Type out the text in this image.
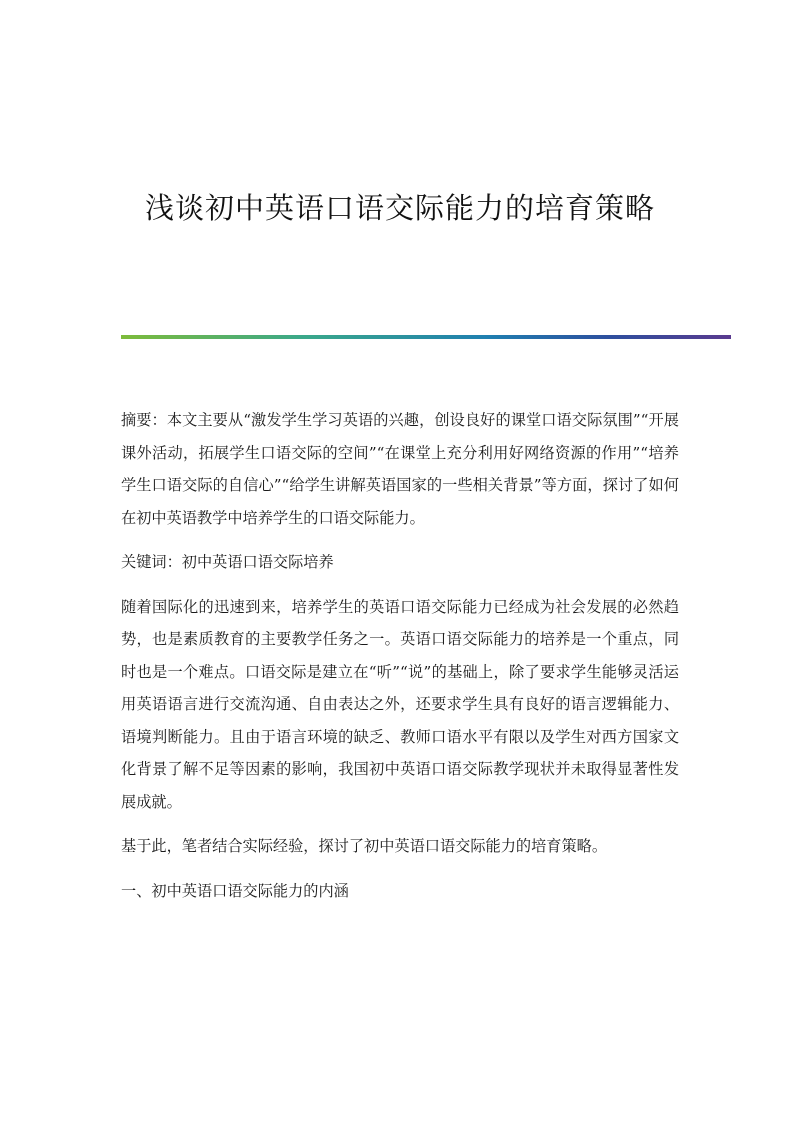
浅谈初中英语口语交际能力的培育策略

摘要：本文主要从“激发学生学习英语的兴趣，创设良好的课堂口语交际氛围”“开展课外活动，拓展学生口语交际的空间”“在课堂上充分利用好网络资源的作用”“培养学生口语交际的自信心”“给学生讲解英语国家的一些相关背景”等方面，探讨了如何在初中英语教学中培养学生的口语交际能力。

关键词：初中英语口语交际培养

随着国际化的迅速到来，培养学生的英语口语交际能力已经成为社会发展的必然趋势，也是素质教育的主要教学任务之一。英语口语交际能力的培养是一个重点，同时也是一个难点。口语交际是建立在“听”“说”的基础上，除了要求学生能够灵活运用英语语言进行交流沟通、自由表达之外，还要求学生具有良好的语言逻辑能力、语境判断能力。且由于语言环境的缺乏、教师口语水平有限以及学生对西方国家文化背景了解不足等因素的影响，我国初中英语口语交际教学现状并未取得显著性发展成就。

基于此，笔者结合实际经验，探讨了初中英语口语交际能力的培育策略。

一、初中英语口语交际能力的内涵
